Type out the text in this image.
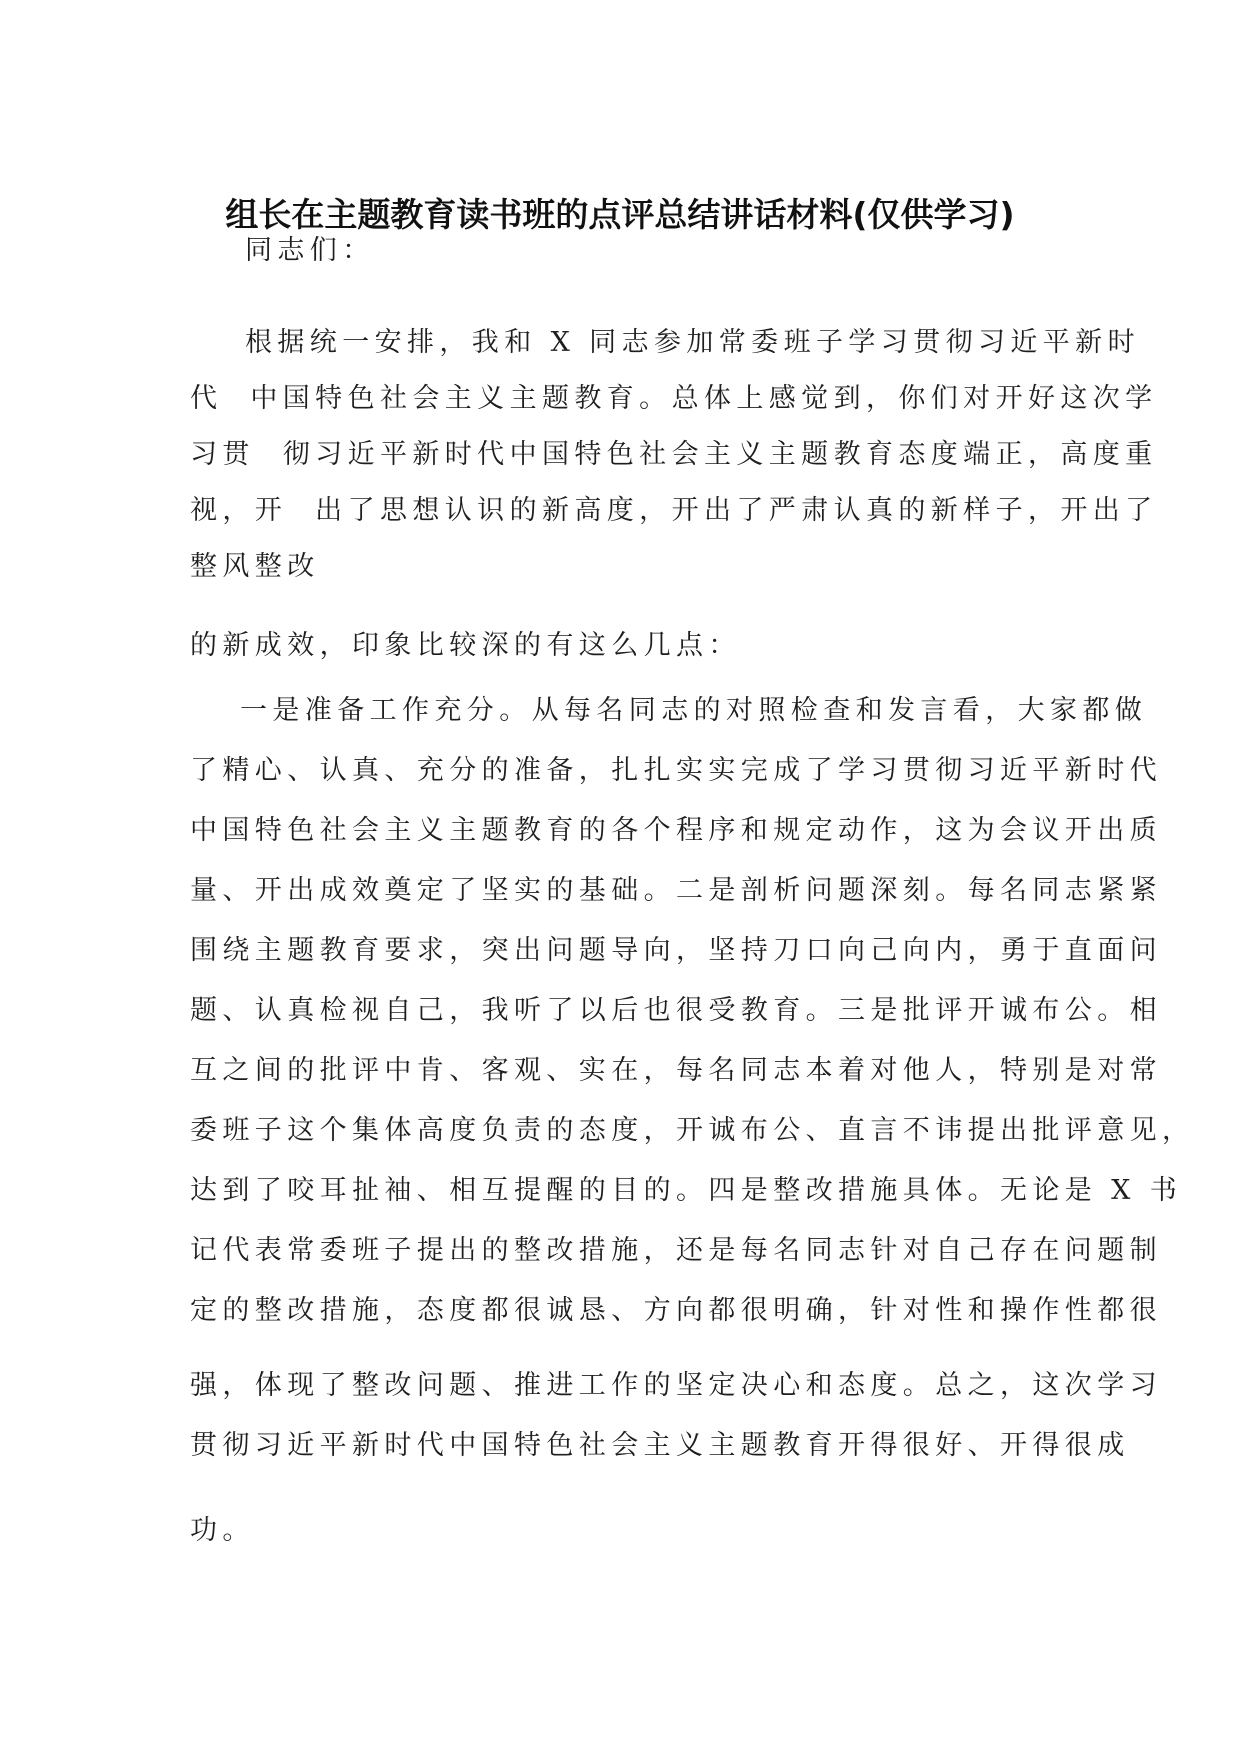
组长在主题教育读书班的点评总结讲话材料(仅供学习)
同志们：
根据统一安排，我和 X 同志参加常委班子学习贯彻习近平新时
代  中国特色社会主义主题教育。总体上感觉到，你们对开好这次学
习贯  彻习近平新时代中国特色社会主义主题教育态度端正，高度重
视，开  出了思想认识的新高度，开出了严肃认真的新样子，开出了
整风整改
的新成效，印象比较深的有这么几点：
一是准备工作充分。从每名同志的对照检查和发言看，大家都做
了精心、认真、充分的准备，扎扎实实完成了学习贯彻习近平新时代
中国特色社会主义主题教育的各个程序和规定动作，这为会议开出质
量、开出成效奠定了坚实的基础。二是剖析问题深刻。每名同志紧紧
围绕主题教育要求，突出问题导向，坚持刀口向己向内，勇于直面问
题、认真检视自己，我听了以后也很受教育。三是批评开诚布公。相
互之间的批评中肯、客观、实在，每名同志本着对他人，特别是对常
委班子这个集体高度负责的态度，开诚布公、直言不讳提出批评意见，
达到了咬耳扯袖、相互提醒的目的。四是整改措施具体。无论是 X 书
记代表常委班子提出的整改措施，还是每名同志针对自己存在问题制
定的整改措施，态度都很诚恳、方向都很明确，针对性和操作性都很
强，体现了整改问题、推进工作的坚定决心和态度。总之，这次学习
贯彻习近平新时代中国特色社会主义主题教育开得很好、开得很成
功。
